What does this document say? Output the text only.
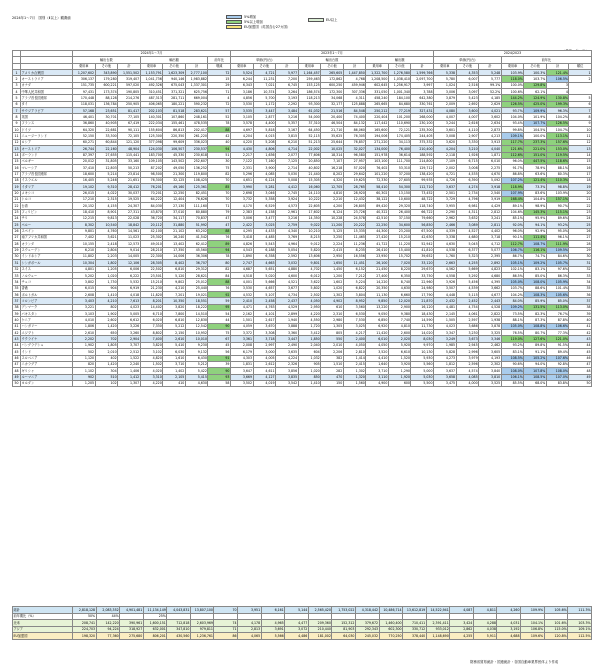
2024年1〜7月　国別（Ⅱ以上）観測値	5%増加
5%以上増加
EU加盟国（英国含む27カ国）
EU以上
		2024年1〜7月							2023年1〜7月									2024/2023						
		輸出台数			輸出額			前年比	単価(円/台)			輸出台数			輸出額			単価(円/台)			前年比			
		乗用車	その他	計	乗用車	その他	計	増減	乗用車	その他	計	乗用車	その他	計	乗用車	その他	計	乗用車	その他	計	乗用車	その他	計	順位
1	アメリカ合衆国	1,207,602	343,890	1,551,502	1,153,791	1,623,309	2,777,100	72	5,524	4,721	5,977	1,164,457	265,605	1,447,850	1,322,700	1,276,580	1,599,766	5,338	4,353	5,248	103.9%	100.3%	121.4%	1
2	オーストラリア	306,137	179,280	319,407	1,041,736	940,146	1,983,882	15	6,244	11,231	7,200	259,463	172,862	4,768	1,208,500	1,038,410	2,097,700	5,780	6,007	5,777	118.0%	103.7%	106.5%	2
3	カナダ	151,735	600,221	597,020	492,326	675,043	1,337,301	29	6,343	7,021	6,745	153,125	600,250	459,946	602,645	1,256,917	3,997	1,024	2,516	99.1%	100.0%	129.8%	3	
4	中華人民共和国	97,431	173,374	190,805	310,451	371,321	625,756	71	3,186	10,374	3,264	186,574	172,300	307,336	331,050	1,001,340	3,788	3,006	3,097	52.2%	100.6%	62.1%	4	
5	アラブ首長国連邦	170,448	88,128	214,276	487,313	281,711	669,004	4	4,856	5,700	3,193	118,213	34,068	4,311	458,240	184,100	642,380	3,879	5,423	4,185	144.2%	124.9%	130.8%	5
6	タイ	118,031	136,784	250,905	406,065	180,221	590,232	72	3,530	1,172	2,292	93,300	32,177	125,888	265,665	84,680	330,761	2,009	2,692	2,629	126.5%	425.0%	199.3%	6
7	サウジアラビア	57,168	23,651	81,417	202,103	81,518	283,621	57	3,535	3,447	3,484	61,032	21,516	84,548	250,212	77,219	327,431	4,080	3,600	4,021	93.7%	109.9%	96.3%	7
8	英国	46,401	30,701	77,105	140,301	107,860	248,161	52	3,105	2,877	3,216	54,000	20,400	74,400	220,404	101,200	268,000	4,007	4,007	3,602	104.0%	101.9%	104.2%	8
9	フランス	36,860	40,905	67,419	222,034	155,461	478,535	78	3,578	4,400	5,357	37,310	46,504	84,132	117,442	110,690	230,100	3,244	2,616	2,634	93.4%	107.7%	126.5%	9
10	ドイツ	64,320	22,681	90,111	155,604	86,813	202,417	88	4,697	5,818	3,167	64,450	21,710	86,060	165,600	72,121	235,300	3,601	4,110	2,873	99.8%	104.5%	104.7%	10
11	ニュージーランド	52,150	33,300	72,105	125,300	220,350	261,220	42	4,204	4,015	3,815	52,115	35,625	76,305	194,006	174,405	244,405	3,008	2,907	4,213	109.1%	100.0%	113.1%	11
12	ロシア	60,271	60,844	121,120	377,098	99,609	336,023	40	4,220	5,208	6,210	51,213	25,644	76,857	271,220	34,113	375,332	3,620	3,330	3,913	117.7%	237.3%	157.6%	12
13	オーストリア	26,744	22,160	48,904	124,030	106,507	230,537	94	4,430	4,806	4,714	22,002	10,025	32,027	134,000	76,400	210,400	4,204	3,210	4,040	121.6%	221.0%	153.0%	13
14	ポーランド	87,397	27,655	115,441	183,700	45,330	230,618	51	2,217	1,636	2,077	77,606	18,314	96,580	151,978	36,614	188,592	2,118	1,926	1,871	112.6%	151.0%	119.5%	14
15	ベルギー	20,012	31,805	33,160	109,105	143,502	252,607	30	7,122	7,160	7,125	20,850	7,107	27,957	103,100	111,700	214,800	7,109	6,715	6,010	96.0%	447.5%	118.6%	15
16	マレーシア	37,410	12,803	50,213	87,202	49,050	136,252	75	2,331	3,900	2,714	40,802	16,218	57,020	76,402	53,310	129,712	2,002	3,008	2,275	91.7%	78.9%	88.1%	16
17	アラブ首長国連邦	18,600	5,214	23,814	98,500	21,300	119,800	82	5,296	4,085	5,030	21,440	8,202	29,642	101,220	37,200	138,420	4,721	4,535	4,670	86.8%	63.6%	80.3%	17
18	イスラエル	16,405	5,246	21,651	76,300	32,125	108,425	70	4,651	6,124	5,008	15,305	4,320	19,625	72,330	27,605	99,935	4,726	6,390	5,092	107.2%	121.4%	110.3%	18
19	イタリア	19,102	9,310	28,412	76,201	49,160	125,361	85	3,990	5,281	4,412	16,060	12,705	28,765	58,410	54,300	112,710	3,637	4,274	3,918	118.9%	73.3%	98.8%	19
20	メキシコ	26,015	4,022	30,037	70,201	12,250	82,451	70	2,698	3,046	2,745	24,110	4,810	28,920	60,302	13,150	73,452	2,501	2,734	2,540	107.9%	83.6%	103.9%	20
21	トルコ	17,210	2,315	19,525	64,222	12,404	76,626	70	3,732	5,358	3,924	10,222	2,210	12,432	38,122	10,600	48,722	3,729	4,796	3,919	168.4%	104.8%	157.1%	21
22	台湾	20,152	4,155	24,307	84,030	27,130	111,160	71	4,170	6,529	4,573	22,605	4,200	26,805	89,420	29,320	118,740	3,955	6,981	4,429	89.1%	98.9%	90.7%	22
23	フィリピン	18,410	8,901	27,311	43,870	37,010	80,880	79	2,383	4,158	2,961	17,602	6,124	23,726	40,322	26,400	66,722	2,290	4,311	2,812	104.6%	145.3%	115.1%	23
24	チリ	12,215	9,813	22,028	36,720	34,117	70,837	47	3,006	3,477	3,216	14,350	10,228	24,578	42,510	37,150	79,660	2,962	3,632	3,241	85.1%	95.9%	89.6%	24
25	ペルー	8,302	10,540	18,842	20,112	31,880	51,992	47	2,422	3,025	2,759	9,022	11,200	20,222	22,250	34,600	56,850	2,466	3,089	2,811	92.0%	94.1%	93.2%	25
26	スペイン	9,801	4,760	14,561	42,100	21,102	63,202	88	4,295	4,433	4,340	10,210	5,125	15,335	44,300	23,200	67,500	4,339	4,527	4,402	96.0%	92.9%	95.0%	26
27	南アフリカ共和国	7,402	3,621	11,023	25,302	16,240	41,542	76	3,418	4,485	3,769	8,215	3,250	11,465	27,420	15,210	42,630	3,338	4,680	3,718	90.1%	111.4%	96.1%	27
28	オランダ	10,155	2,418	12,573	49,010	13,402	62,412	89	4,826	5,543	4,964	9,012	2,224	11,236	41,722	11,220	52,942	4,630	5,045	4,712	112.7%	108.7%	111.9%	28
29	スウェーデン	6,210	2,804	9,014	28,210	17,350	45,560	94	4,543	6,188	5,054	5,820	2,415	8,235	26,410	15,400	41,810	4,538	6,377	5,077	106.7%	116.1%	109.5%	29
30	インドネシア	11,802	2,203	14,005	22,300	14,006	36,306	78	1,890	6,358	2,592	13,606	2,950	16,556	23,950	15,702	39,652	1,760	5,323	2,395	86.7%	74.7%	84.6%	30
31	シンガポール	10,304	1,802	12,106	28,305	8,402	36,707	80	2,747	4,663	3,032	9,801	1,650	11,451	26,100	7,020	33,120	2,663	4,255	2,892	105.1%	109.2%	105.7%	31
32	スイス	4,801	1,205	6,006	22,502	6,810	29,312	82	4,687	5,651	4,880	4,702	1,450	6,152	21,450	8,220	29,670	4,562	5,669	4,823	102.1%	83.1%	97.6%	32
33	ノルウェー	5,202	1,020	6,222	23,501	5,120	28,621	84	4,518	5,020	4,600	6,012	1,200	7,212	27,400	6,350	33,750	4,558	5,292	4,680	86.5%	85.0%	86.3%	33
34	チェコ	3,802	1,730	5,532	15,210	9,802	25,012	88	4,001	5,666	4,521	3,622	1,602	5,224	14,220	8,740	22,960	3,926	5,456	4,395	105.0%	108.0%	105.9%	34
35	香港	6,015	904	6,919	21,230	4,210	25,440	76	3,530	4,657	3,677	5,802	1,020	6,822	20,350	4,630	24,980	3,507	4,539	3,662	103.7%	88.6%	101.4%	35
36	ポルトガル	2,608	1,410	4,018	11,820	7,201	19,021	92	4,532	5,107	4,734	2,502	1,302	3,804	11,130	6,660	17,790	4,448	5,115	4,677	104.2%	108.3%	105.6%	36
37	コロンビア	3,403	4,210	7,613	8,201	10,350	18,551	59	2,410	2,458	2,437	4,050	4,902	8,952	9,850	12,020	21,870	2,432	2,452	2,443	84.0%	85.9%	85.0%	37
38	デンマーク	3,221	802	4,023	14,402	3,820	18,222	95	4,471	4,763	4,529	2,950	610	3,560	13,220	2,900	16,120	4,481	4,754	4,528	109.2%	131.5%	113.0%	38
39	パキスタン	3,103	1,902	5,005	6,710	7,800	14,510	54	2,162	4,101	2,899	4,220	2,310	6,530	9,050	9,380	18,430	2,145	4,061	2,822	73.5%	82.3%	76.7%	39
40	ケニア	4,010	2,602	6,612	6,020	6,810	12,830	44	1,501	2,617	1,940	4,550	2,980	7,530	6,850	7,740	14,590	1,505	2,597	1,938	88.1%	87.3%	87.8%	40
41	ハンガリー	1,806	1,420	3,226	7,330	5,212	12,542	90	4,059	3,670	3,888	1,720	1,305	3,025	6,920	4,810	11,730	4,023	3,686	3,878	105.0%	108.8%	106.6%	41
42	エジプト	2,610	650	3,260	8,802	2,150	10,952	75	3,372	3,308	3,360	3,412	805	4,217	11,420	2,600	14,020	3,347	3,230	3,325	76.5%	80.7%	77.3%	42
43	ウクライナ	2,202	702	2,904	7,400	2,610	10,010	67	3,361	3,718	3,447	1,850	550	2,400	6,010	2,020	8,030	3,249	3,673	3,346	119.0%	127.6%	121.0%	43
44	バングラデシュ	1,902	1,805	3,707	3,820	5,410	9,230	45	2,008	2,997	2,490	2,040	2,010	4,050	4,050	5,920	9,970	1,985	2,945	2,462	93.2%	89.8%	91.5%	44
45	インド	502	2,010	2,512	3,102	6,030	9,132	56	6,179	3,000	3,635	604	2,206	2,810	3,520	6,610	10,130	5,828	2,996	3,605	83.1%	91.1%	89.4%	45
46	スロベニア	1,120	402	1,522	4,820	1,610	6,430	91	4,303	4,005	4,224	1,032	382	1,414	4,410	1,520	5,930	4,273	3,979	4,193	108.5%	105.2%	107.6%	46
47	ニカラグア	820	1,420	2,240	1,502	3,710	5,212	39	1,831	2,612	2,326	905	1,510	2,415	1,640	3,920	5,560	1,812	2,596	2,302	90.6%	94.0%	92.8%	47
48	ギリシャ	1,102	304	1,406	4,020	1,402	5,422	90	3,647	4,611	3,856	1,020	282	1,302	3,710	1,290	5,000	3,637	4,574	3,840	108.0%	107.8%	108.0%	48
49	ルーマニア	902	510	1,412	3,310	2,105	5,415	93	3,669	4,127	3,835	850	470	1,320	3,110	1,920	5,030	3,658	4,085	3,810	106.1%	108.5%	107.0%	49
50	ヨルダン	1,205	102	1,307	4,220	410	4,630	58	3,502	4,019	3,542	1,410	150	1,560	4,900	600	5,500	3,475	4,000	3,525	85.5%	68.0%	83.8%	50
総計	2,818,128	2,083,352	4,901,481	11,134,149	4,043,831	13,807,100	70	3,951	6,161	5,144	2,565,420	1,753,022	4,318,442	10,486,714	13,612,819	14,522,941	4,087	4,811	4,260	109.9%	105.6%	111.3%
前年期比（%）	50%	44%		25%																		
北米	208,741	142,220	390,961	1,600,151	712,818	2,603,969	74	4,178	4,965	4,477	209,360	152,312	379,672	1,460,400	710,411	2,391,411	3,424	4,288	4,031	104.1%	101.6%	103.3%
アジア	224,703	94,224	318,927	632,001	347,810	979,811	71	2,813	3,691	3,072	210,440	81,903	292,343	602,300	330,712	933,012	2,862	4,038	3,192	106.8%	115.0%	109.1%
EU加盟国	198,320	77,360	275,680	806,201	430,560	1,236,761	86	4,065	5,566	4,486	181,002	64,030	245,032	770,250	378,440	1,148,690	4,255	5,911	4,688	109.6%	120.8%	112.5%
財務省貿易統計・国連統計・各国自動車業界団体より作成
